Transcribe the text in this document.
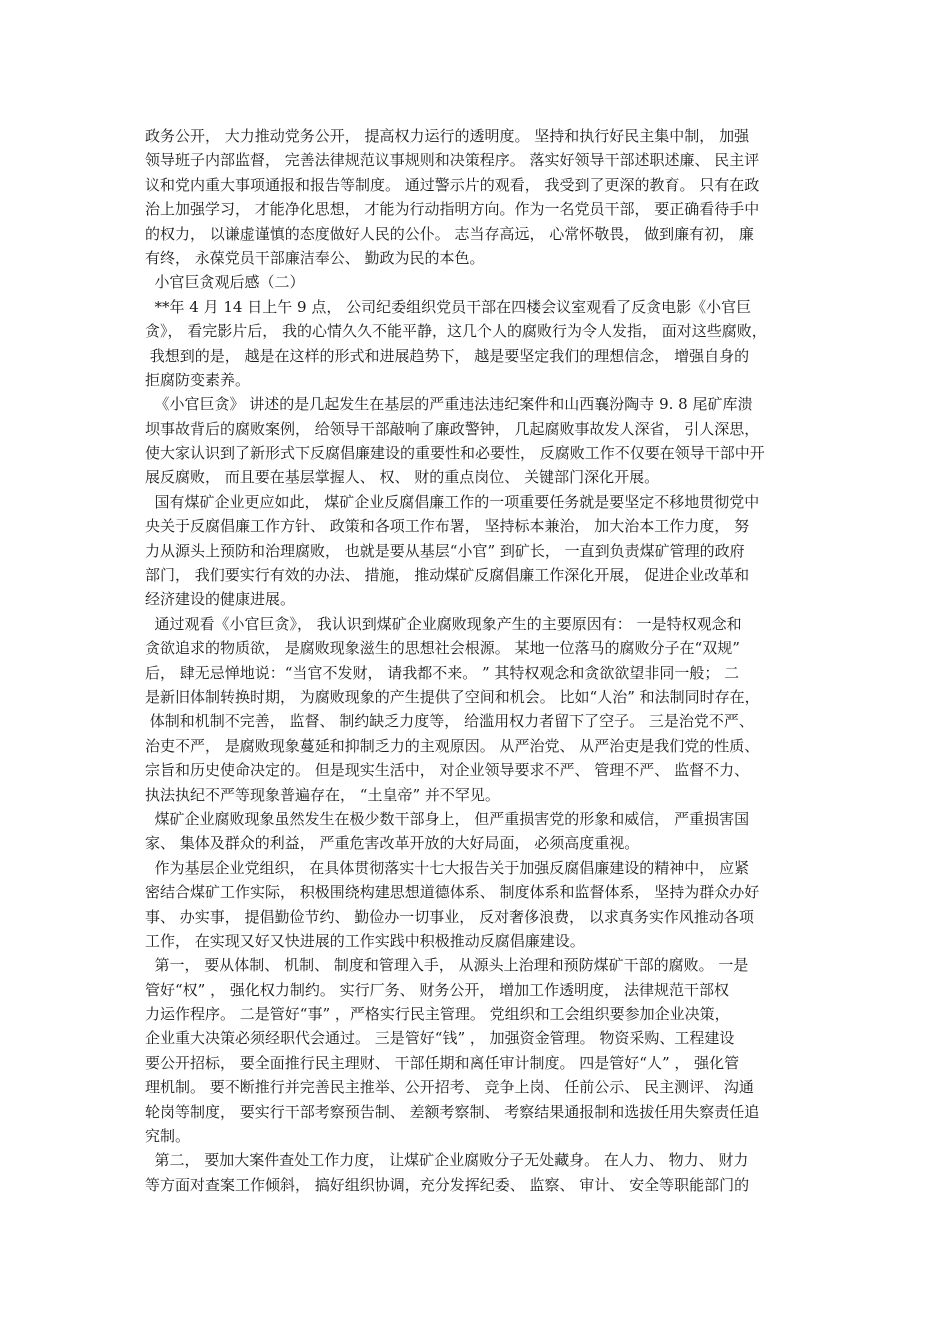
政务公开， 大力推动党务公开， 提高权力运行的透明度。 坚持和执行好民主集中制， 加强
领导班子内部监督， 完善法律规范议事规则和决策程序。 落实好领导干部述职述廉、 民主评
议和党内重大事项通报和报告等制度。 通过警示片的观看， 我受到了更深的教育。 只有在政
治上加强学习， 才能净化思想， 才能为行动指明方向。作为一名党员干部， 要正确看待手中
的权力， 以谦虚谨慎的态度做好人民的公仆。 志当存高远， 心常怀敬畏， 做到廉有初， 廉
有终， 永葆党员干部廉洁奉公、 勤政为民的本色。
小官巨贪观后感（二）
**年 4 月 14 日上午 9 点， 公司纪委组织党员干部在四楼会议室观看了反贪电影《小官巨
贪》， 看完影片后， 我的心情久久不能平静，这几个人的腐败行为令人发指， 面对这些腐败，
我想到的是， 越是在这样的形式和进展趋势下， 越是要坚定我们的理想信念， 增强自身的
拒腐防变素养。
《小官巨贪》 讲述的是几起发生在基层的严重违法违纪案件和山西襄汾陶寺 9. 8 尾矿库溃
坝事故背后的腐败案例， 给领导干部敲响了廉政警钟， 几起腐败事故发人深省， 引人深思，
使大家认识到了新形式下反腐倡廉建设的重要性和必要性， 反腐败工作不仅要在领导干部中开
展反腐败， 而且要在基层掌握人、 权、 财的重点岗位、 关键部门深化开展。
国有煤矿企业更应如此， 煤矿企业反腐倡廉工作的一项重要任务就是要坚定不移地贯彻党中
央关于反腐倡廉工作方针、 政策和各项工作布署， 坚持标本兼治， 加大治本工作力度， 努
力从源头上预防和治理腐败， 也就是要从基层“小官” 到矿长， 一直到负责煤矿管理的政府
部门， 我们要实行有效的办法、 措施， 推动煤矿反腐倡廉工作深化开展， 促进企业改革和
经济建设的健康进展。
通过观看《小官巨贪》， 我认识到煤矿企业腐败现象产生的主要原因有： 一是特权观念和
贪欲追求的物质欲， 是腐败现象滋生的思想社会根源。 某地一位落马的腐败分子在“双规”
后， 肆无忌惮地说：“当官不发财， 请我都不来。 ” 其特权观念和贪欲欲望非同一般； 二
是新旧体制转换时期， 为腐败现象的产生提供了空间和机会。 比如“人治” 和法制同时存在，
体制和机制不完善， 监督、 制约缺乏力度等， 给滥用权力者留下了空子。 三是治党不严、
治吏不严， 是腐败现象蔓延和抑制乏力的主观原因。 从严治党、 从严治吏是我们党的性质、
宗旨和历史使命决定的。 但是现实生活中， 对企业领导要求不严、 管理不严、 监督不力、
执法执纪不严等现象普遍存在， “土皇帝” 并不罕见。
煤矿企业腐败现象虽然发生在极少数干部身上， 但严重损害党的形象和威信， 严重损害国
家、 集体及群众的利益， 严重危害改革开放的大好局面， 必须高度重视。
作为基层企业党组织， 在具体贯彻落实十七大报告关于加强反腐倡廉建设的精神中， 应紧
密结合煤矿工作实际， 积极围绕构建思想道德体系、 制度体系和监督体系， 坚持为群众办好
事、 办实事， 提倡勤俭节约、 勤俭办一切事业， 反对奢侈浪费， 以求真务实作风推动各项
工作， 在实现又好又快进展的工作实践中积极推动反腐倡廉建设。
第一， 要从体制、 机制、 制度和管理入手， 从源头上治理和预防煤矿干部的腐败。 一是
管好“权” ， 强化权力制约。 实行厂务、 财务公开， 增加工作透明度， 法律规范干部权
力运作程序。 二是管好“事” ，严格实行民主管理。 党组织和工会组织要参加企业决策，
企业重大决策必须经职代会通过。 三是管好“钱” ， 加强资金管理。 物资采购、工程建设
要公开招标， 要全面推行民主理财、 干部任期和离任审计制度。 四是管好“人” ， 强化管
理机制。 要不断推行并完善民主推举、公开招考、 竞争上岗、 任前公示、 民主测评、 沟通
轮岗等制度， 要实行干部考察预告制、 差额考察制、 考察结果通报制和选拔任用失察责任追
究制。
第二， 要加大案件查处工作力度， 让煤矿企业腐败分子无处藏身。 在人力、 物力、 财力
等方面对查案工作倾斜， 搞好组织协调，充分发挥纪委、 监察、 审计、 安全等职能部门的
